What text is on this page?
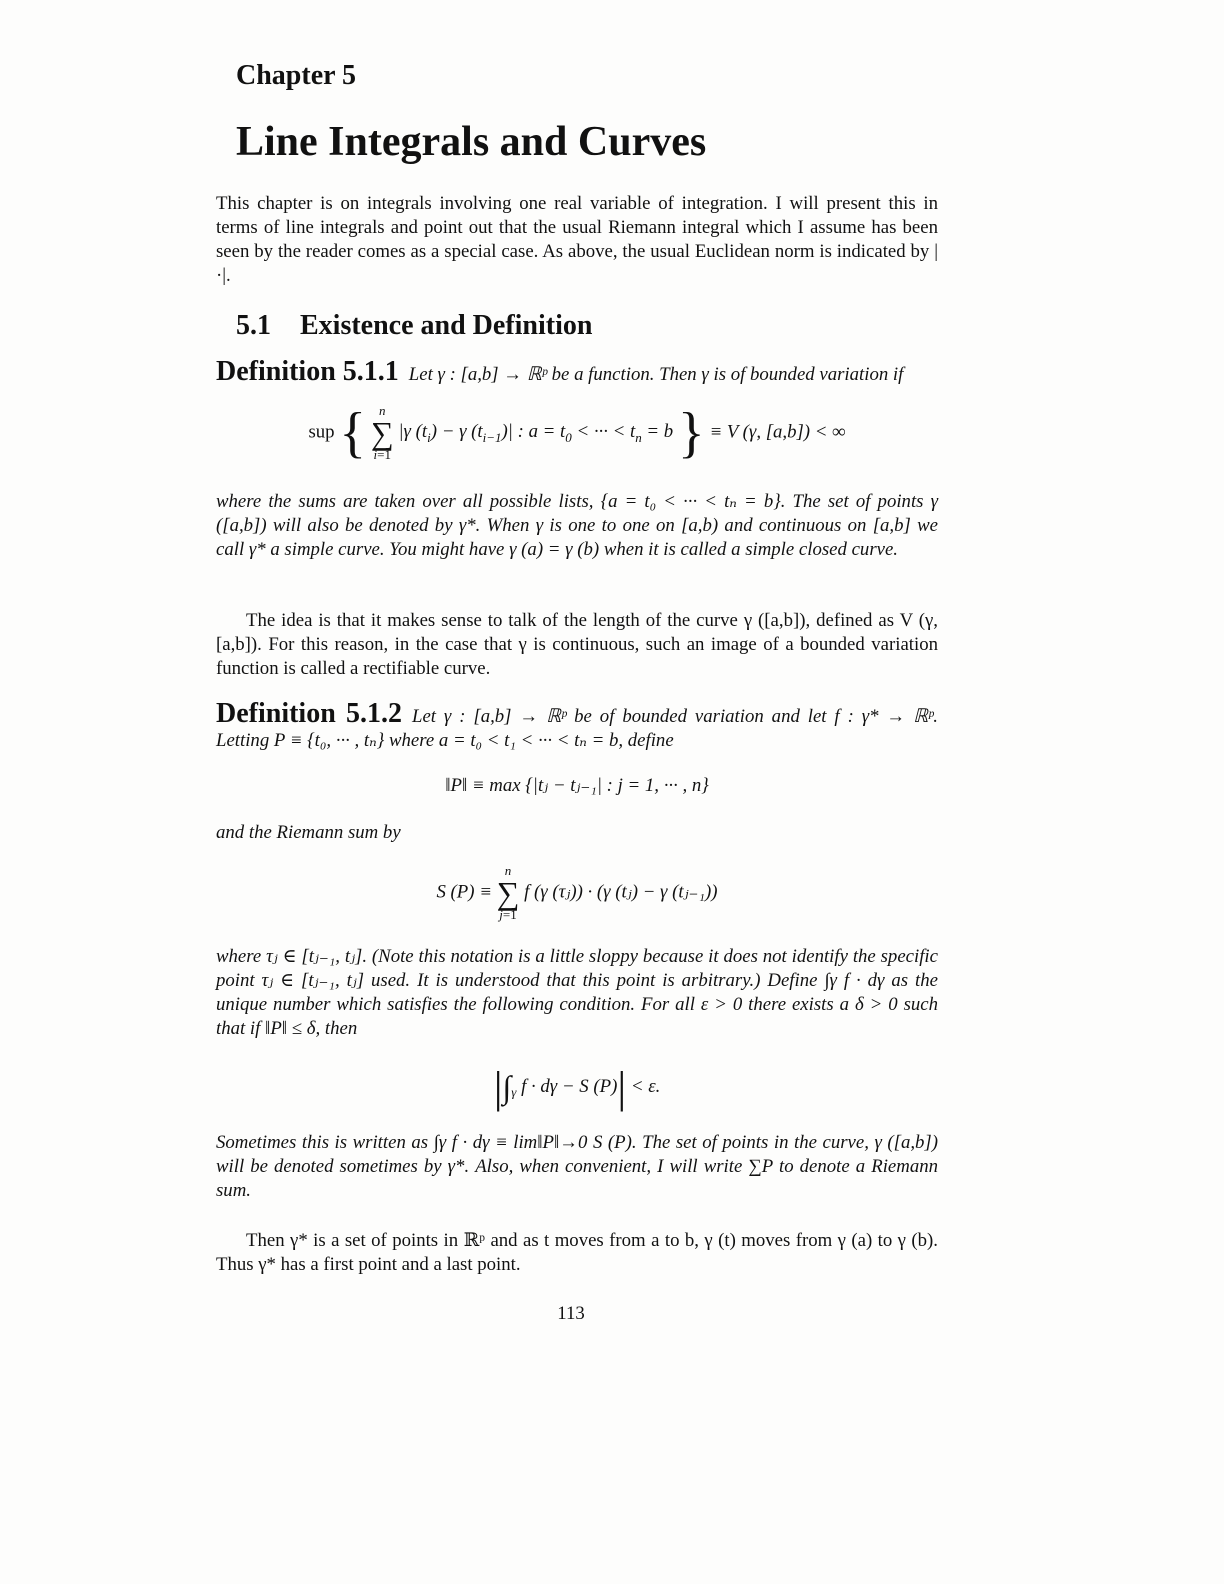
Chapter 5
Line Integrals and Curves

This chapter is on integrals involving one real variable of integration. I will present this in terms of line integrals and point out that the usual Riemann integral which I assume has been seen by the reader comes as a special case. As above, the usual Euclidean norm is indicated by |·|.

5.1 Existence and Definition
Definition 5.1.1 Let γ : [a,b] → ℝᵖ be a function. Then γ is of bounded variation if
sup { n
∑
i=1 |γ $(t_i) - \gamma$ $(t_{i-1})|$ : $a = t_0$ < ··· < $t_n = b$ } ≡ V (γ, [a,b]) < ∞

where the sums are taken over all possible lists, {a = t₀ < ··· < tₙ = b}. The set of points γ ([a,b]) will also be denoted by γ*. When γ is one to one on [a,b) and continuous on [a,b] we call γ* a simple curve. You might have γ (a) = γ (b) when it is called a simple closed curve.

The idea is that it makes sense to talk of the length of the curve γ ([a,b]), defined as V (γ, [a,b]). For this reason, in the case that γ is continuous, such an image of a bounded variation function is called a rectifiable curve.

Definition 5.1.2 Let γ : [a,b] → ℝᵖ be of bounded variation and let f : γ* → ℝᵖ. Letting P ≡ {t₀, ··· , tₙ} where a = t₀ < t₁ < ··· < tₙ = b, define
‖P‖ ≡ max {|tⱼ − tⱼ₋₁| : j = 1, ··· , n}

and the Riemann sum by

S (P) ≡ n
∑
j=1 f (γ (τⱼ)) · (γ (tⱼ) − γ (tⱼ₋₁))

where τⱼ ∈ [tⱼ₋₁, tⱼ]. (Note this notation is a little sloppy because it does not identify the specific point τⱼ ∈ [tⱼ₋₁, tⱼ] used. It is understood that this point is arbitrary.) Define ∫γ f · dγ as the unique number which satisfies the following condition. For all ε > 0 there exists a δ > 0 such that if ‖P‖ ≤ δ, then

$|\int_\gamma$ f · dγ − S (P)| < ε.

Sometimes this is written as ∫γ f · dγ ≡ lim‖P‖→0 S (P). The set of points in the curve, γ ([a,b]) will be denoted sometimes by γ*. Also, when convenient, I will write ∑P to denote a Riemann sum.

Then γ* is a set of points in ℝᵖ and as t moves from a to b, γ (t) moves from γ (a) to γ (b). Thus γ* has a first point and a last point.

113
